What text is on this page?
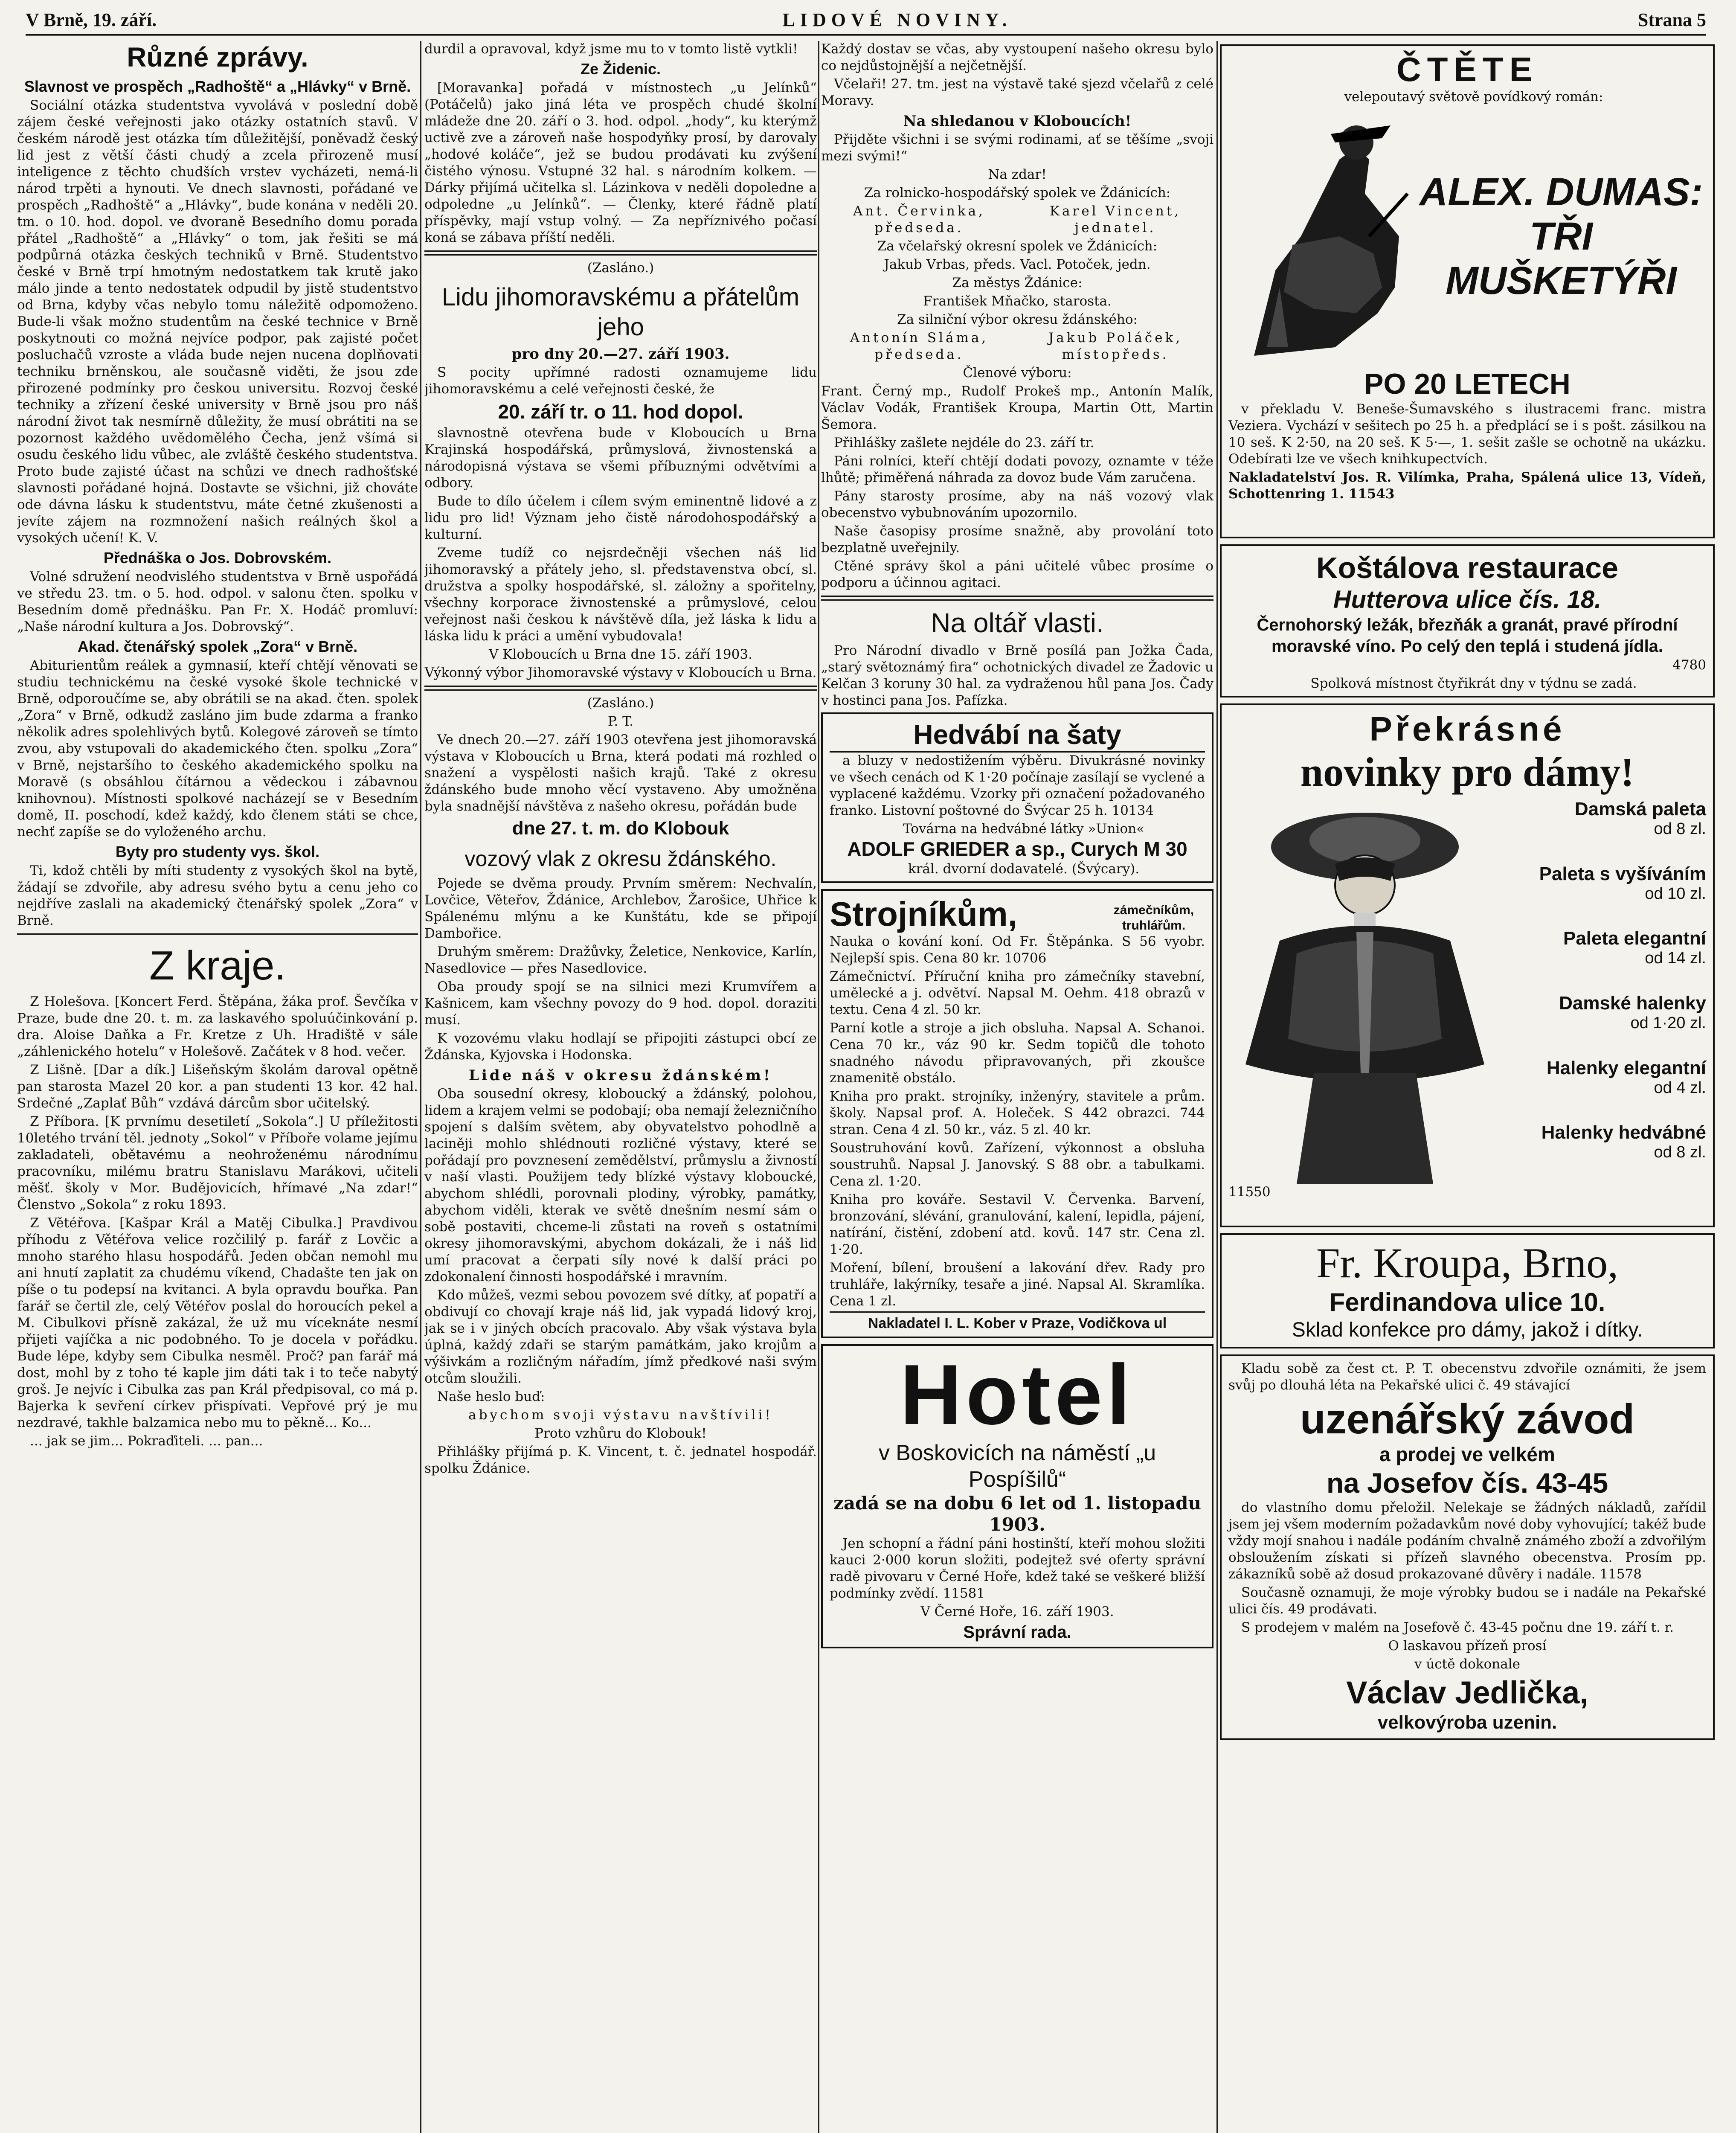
V Brně, 19. září.	LIDOVÉ NOVINY.	Strana 5
Různé zprávy.
Slavnost ve prospěch „Radhoště“ a „Hlávky“ v Brně.

Sociální otázka studentstva vyvolává v poslední době zájem české veřejnosti jako otázky ostatních stavů. V českém národě jest otázka tím důležitější, poněvadž český lid jest z větší části chudý a zcela přirozeně musí inteligence z těchto chudších vrstev vycházeti, nemá-li národ trpěti a hynouti. Ve dnech slavnosti, pořádané ve prospěch „Radhoště“ a „Hlávky“, bude konána v neděli 20. tm. o 10. hod. dopol. ve dvoraně Besedního domu porada přátel „Radhoště“ a „Hlávky“ o tom, jak řešiti se má podpůrná otázka českých techniků v Brně. Studentstvo české v Brně trpí hmotným nedostatkem tak krutě jako málo jinde a tento nedostatek odpudil by jistě studentstvo od Brna, kdyby včas nebylo tomu náležitě odpomoženo. Bude-li však možno studentům na české technice v Brně poskytnouti co možná nejvíce podpor, pak zajisté počet posluchačů vzroste a vláda bude nejen nucena doplňovati techniku brněnskou, ale současně viděti, že jsou zde přirozené podmínky pro českou universitu. Rozvoj české techniky a zřízení české university v Brně jsou pro náš národní život tak nesmírně důležity, že musí obrátiti na se pozornost každého uvědomělého Čecha, jenž všímá si osudu českého lidu vůbec, ale zvláště českého studentstva. Proto bude zajisté účast na schůzi ve dnech radhošťské slavnosti pořádané hojná. Dostavte se všichni, již chováte ode dávna lásku k studentstvu, máte četné zkušenosti a jevíte zájem na rozmnožení našich reálných škol a vysokých učení! K. V.

Přednáška o Jos. Dobrovském.

Volné sdružení neodvislého studentstva v Brně uspořádá ve středu 23. tm. o 5. hod. odpol. v salonu čten. spolku v Besedním domě přednášku. Pan Fr. X. Hodáč promluví: „Naše národní kultura a Jos. Dobrovský“.

Akad. čtenářský spolek „Zora“ v Brně.

Abiturientům reálek a gymnasií, kteří chtějí věnovati se studiu technickému na české vysoké škole technické v Brně, odporoučíme se, aby obrátili se na akad. čten. spolek „Zora“ v Brně, odkudž zasláno jim bude zdarma a franko několik adres spolehlivých bytů. Kolegové zároveň se tímto zvou, aby vstupovali do akademického čten. spolku „Zora“ v Brně, nejstaršího to českého akademického spolku na Moravě (s obsáhlou čítárnou a vědeckou i zábavnou knihovnou). Místnosti spolkové nacházejí se v Besedním domě, II. poschodí, kdež každý, kdo členem státi se chce, nechť zapíše se do vyloženého archu.

Byty pro studenty vys. škol.

Ti, kdož chtěli by míti studenty z vysokých škol na bytě, žádají se zdvořile, aby adresu svého bytu a cenu jeho co nejdříve zaslali na akademický čtenářský spolek „Zora“ v Brně.

Z kraje.

Z Holešova. [Koncert Ferd. Štěpána, žáka prof. Ševčíka v Praze, bude dne 20. t. m. za laskavého spoluúčinkování p. dra. Aloise Daňka a Fr. Kretze z Uh. Hradiště v sále „záhlenického hotelu“ v Holešově. Začátek v 8 hod. večer.

Z Lišně. [Dar a dík.] Lišeňským školám daroval opětně pan starosta Mazel 20 kor. a pan studenti 13 kor. 42 hal. Srdečné „Zaplať Bůh“ vzdává dárcům sbor učitelský.

Z Příbora. [K prvnímu desetiletí „Sokola“.] U příležitosti 10letého trvání těl. jednoty „Sokol“ v Příboře volame jejímu zakladateli, obětavému a neohroženému národnímu pracovníku, milému bratru Stanislavu Marákovi, učiteli měšť. školy v Mor. Budějovicích, hřímavé „Na zdar!“ Členstvo „Sokola“ z roku 1893.

Z Větéřova. [Kašpar Král a Matěj Cibulka.] Pravdivou příhodu z Větéřova velice rozčililý p. farář z Lovčic a mnoho starého hlasu hospodářů. Jeden občan nemohl mu ani hnutí zaplatit za chudému víkend, Chadašte ten jak on píše o tu podepsí na kvitanci. A byla opravdu bouřka. Pan farář se čertil zle, celý Větéřov poslal do horoucích pekel a M. Cibulkovi přísně zakázal, že už mu víceknáte nesmí přijeti vajíčka a nic podobného. To je docela v pořádku. Bude lépe, kdyby sem Cibulka nesměl. Proč? pan farář má dost, mohl by z toho té kaple jim dáti tak i to teče nabytý groš. Je nejvíc i Cibulka zas pan Král předpisoval, co má p. Bajerka k sevření církev přispívati. Vepřové prý je mu nezdravé, takhle balzamica nebo mu to pěkně... Ko...

... jak se jim... Pokraďiteli. ... pan...

durdil a opravoval, když jsme mu to v tomto listě vytkli!

Ze Židenic.

[Moravanka] pořadá v místnostech „u Jelínků“ (Potáčelů) jako jiná léta ve prospěch chudé školní mládeže dne 20. září o 3. hod. odpol. „hody“, ku kterýmž uctivě zve a zároveň naše hospodyňky prosí, by darovaly „hodové koláče“, jež se budou prodávati ku zvýšení čistého výnosu. Vstupné 32 hal. s národním kolkem. — Dárky přijímá učitelka sl. Lázinkova v neděli dopoledne a odpoledne „u Jelínků“. — Členky, které řádně platí příspěvky, mají vstup volný. — Za nepříznivého počasí koná se zábava příští neděli.

(Zasláno.)

Lidu jihomoravskému a přátelům jeho
pro dny 20.—27. září 1903.

S pocity upřímné radosti oznamujeme lidu jihomoravskému a celé veřejnosti české, že

20. září tr. o 11. hod dopol.

slavnostně otevřena bude v Kloboucích u Brna Krajinská hospodářská, průmyslová, živnostenská a národopisná výstava se všemi příbuznými odvětvími a odbory.

Bude to dílo účelem i cílem svým eminentně lidové a z lidu pro lid! Význam jeho čistě národohospodářský a kulturní.

Zveme tudíž co nejsrdečněji všechen náš lid jihomoravský a přátely jeho, sl. představenstva obcí, sl. družstva a spolky hospodářské, sl. záložny a spořitelny, všechny korporace živnostenské a průmyslové, celou veřejnost naši českou k návštěvě díla, jež láska k lidu a láska lidu k práci a umění vybudovala!

V Kloboucích u Brna dne 15. září 1903.

Výkonný výbor Jihomoravské výstavy v Kloboucích u Brna.

(Zasláno.)

P. T.

Ve dnech 20.—27. září 1903 otevřena jest jihomoravská výstava v Kloboucích u Brna, která podati má rozhled o snažení a vyspělosti našich krajů. Také z okresu ždánského bude mnoho věcí vystaveno. Aby umožněna byla snadnější návštěva z našeho okresu, pořádán bude

dne 27. t. m. do Klobouk
vozový vlak z okresu ždánského.

Pojede se dvěma proudy. Prvním směrem: Nechvalín, Lovčice, Věteřov, Ždánice, Archlebov, Žarošice, Uhřice k Spálenému mlýnu a ke Kunštátu, kde se připojí Dambořice.

Druhým směrem: Dražůvky, Želetice, Nenkovice, Karlín, Nasedlovice — přes Nasedlovice.

Oba proudy spojí se na silnici mezi Krumvířem a Kašnicem, kam všechny povozy do 9 hod. dopol. doraziti musí.

K vozovému vlaku hodlají se připojiti zástupci obcí ze Ždánska, Kyjovska i Hodonska.

Lide náš v okresu ždánském!

Oba sousední okresy, kloboucký a ždánský, polohou, lidem a krajem velmi se podobají; oba nemají železničního spojení s dalším světem, aby obyvatelstvo pohodlně a laciněji mohlo shlédnouti rozličné výstavy, které se pořádají pro povznesení zemědělství, průmyslu a živností v naší vlasti. Použijem tedy blízké výstavy kloboucké, abychom shlédli, porovnali plodiny, výrobky, památky, abychom viděli, kterak ve světě dnešním nesmí sám o sobě postaviti, chceme-li zůstati na roveň s ostatními okresy jihomoravskými, abychom dokázali, že i náš lid umí pracovat a čerpati síly nové k další práci po zdokonalení činnosti hospodářské i mravním.

Kdo můžeš, vezmi sebou povozem své dítky, ať popatří a obdivují co chovají kraje náš lid, jak vypadá lidový kroj, jak se i v jiných obcích pracovalo. Aby však výstava byla úplná, každý zdaři se starým památkám, jako krojům a výšivkám a rozličným nářadím, jímž předkové naši svým otcům sloužili.

Naše heslo buď:

abychom svoji výstavu navštívili!

Proto vzhůru do Klobouk!

Přihlášky přijímá p. K. Vincent, t. č. jednatel hospodář. spolku Ždánice.

Každý dostav se včas, aby vystoupení našeho okresu bylo co nejdůstojnější a nejčetnější.

Včelaři! 27. tm. jest na výstavě také sjezd včelařů z celé Moravy.

Na shledanou v Kloboucích!

Přijděte všichni i se svými rodinami, ať se těšíme „svoji mezi svými!“

Na zdar!

Za rolnicko-hospodářský spolek ve Ždánicích:

Ant. Červinka, předseda.

Karel Vincent, jednatel.

Za včelařský okresní spolek ve Ždánicích:

Jakub Vrbas, předs. Vacl. Potoček, jedn.

Za městys Ždánice:

František Mňačko, starosta.

Za silniční výbor okresu ždánského:

Antonín Sláma, předseda.

Jakub Poláček, místopředs.

Členové výboru:

Frant. Černý mp., Rudolf Prokeš mp., Antonín Malík, Václav Vodák, František Kroupa, Martin Ott, Martin Šemora.

Přihlášky zašlete nejdéle do 23. září tr.

Páni rolníci, kteří chtějí dodati povozy, oznamte v téže lhůtě; přiměřená náhrada za dovoz bude Vám zaručena.

Pány starosty prosíme, aby na náš vozový vlak obecenstvo vybubnováním upozornilo.

Naše časopisy prosíme snažně, aby provolání toto bezplatně uveřejnily.

Ctěné správy škol a páni učitelé vůbec prosíme o podporu a účinnou agitaci.

Na oltář vlasti.

Pro Národní divadlo v Brně posílá pan Jožka Čada, „starý světoznámý fira“ ochotnických divadel ze Žadovic u Kelčan 3 koruny 30 hal. za vydraženou hůl pana Jos. Čady v hostinci pana Jos. Pafízka.

Hedvábí na šaty

a bluzy v nedostižením výběru. Divukrásné novinky ve všech cenách od K 1·20 počínaje zasílají se vyclené a vyplacené každému. Vzorky při označení požadovaného franko. Listovní poštovné do Švýcar 25 h. 10134

Továrna na hedvábné látky »Union«

ADOLF GRIEDER a sp., Curych M 30

král. dvorní dodavatelé. (Švýcary).

Strojníkům,	zámečníkům, truhlářům.

Nauka o kování koní. Od Fr. Štěpánka. S 56 vyobr. Nejlepší spis. Cena 80 kr. 10706

Zámečnictví. Příruční kniha pro zámečníky stavební, umělecké a j. odvětví. Napsal M. Oehm. 418 obrazů v textu. Cena 4 zl. 50 kr.

Parní kotle a stroje a jich obsluha. Napsal A. Schanoi. Cena 70 kr., váz 90 kr. Sedm topičů dle tohoto snadného návodu připravovaných, při zkoušce znamenitě obstálo.

Kniha pro prakt. strojníky, inženýry, stavitele a prům. školy. Napsal prof. A. Holeček. S 442 obrazci. 744 stran. Cena 4 zl. 50 kr., váz. 5 zl. 40 kr.

Soustruhování kovů. Zařízení, výkonnost a obsluha soustruhů. Napsal J. Janovský. S 88 obr. a tabulkami. Cena zl. 1·20.

Kniha pro kováře. Sestavil V. Červenka. Barvení, bronzování, slévání, granulování, kalení, lepidla, pájení, natírání, čistění, zdobení atd. kovů. 147 str. Cena zl. 1·20.

Moření, bílení, broušení a lakování dřev. Rady pro truhláře, lakýrníky, tesaře a jiné. Napsal Al. Skramlíka. Cena 1 zl.

Nakladatel I. L. Kober v Praze, Vodičkova ul
Hotel
v Boskovicích na náměstí „u Pospíšilů“
zadá se na dobu 6 let od 1. listopadu 1903.

Jen schopní a řádní páni hostinští, kteří mohou složiti kauci 2·000 korun složiti, podejtež své oferty správní radě pivovaru v Černé Hoře, kdež také se veškeré bližší podmínky zvědí. 11581

V Černé Hoře, 16. září 1903.

Správní rada.
ČTĚTE

velepoutavý světově povídkový román:

ALEX. DUMAS: TŘI MUŠKETÝŘI
PO 20 LETECH

v překladu V. Beneše-Šumavského s ilustracemi franc. mistra Veziera. Vychází v sešitech po 25 h. a předplácí se i s pošt. zásilkou na 10 seš. K 2·50, na 20 seš. K 5·—, 1. sešit zašle se ochotně na ukázku. Odebírati lze ve všech knihkupectvích.

Nakladatelství Jos. R. Vilímka, Praha, Spálená ulice 13, Vídeň, Schottenring 1. 11543

Koštálova restaurace
Hutterova ulice čís. 18.
Černohorský ležák, březňák a granát, pravé přírodní moravské víno. Po celý den teplá i studená jídla.

4780

Spolková místnost čtyřikrát dny v týdnu se zadá.

Překrásné
novinky pro dámy!
Damská paleta
od 8 zl.
Paleta s vyšíváním
od 10 zl.
Paleta elegantní
od 14 zl.
Damské halenky
od 1·20 zl.
Halenky elegantní
od 4 zl.
Halenky hedvábné
od 8 zl.

11550

Fr. Kroupa, Brno,
Ferdinandova ulice 10.
Sklad konfekce pro dámy, jakož i dítky.

Kladu sobě za čest ct. P. T. obecenstvu zdvořile oznámiti, že jsem svůj po dlouhá léta na Pekařské ulici č. 49 stávající

uzenářský závod
a prodej ve velkém
na Josefov čís. 43-45

do vlastního domu přeložil. Nelekaje se žádných nákladů, zařídil jsem jej všem moderním požadavkům nové doby vyhovující; takéž bude vždy mojí snahou i nadále podáním chvalně známého zboží a zdvořilým obsloužením získati si přízeň slavného obecenstva. Prosím pp. zákazníků sobě až dosud prokazované důvěry i nadále. 11578

Současně oznamuji, že moje výrobky budou se i nadále na Pekařské ulici čís. 49 prodávati.

S prodejem v malém na Josefově č. 43-45 počnu dne 19. září t. r.

O laskavou přízeň prosí

v úctě dokonale

Václav Jedlička,
velkovýroba uzenin.
